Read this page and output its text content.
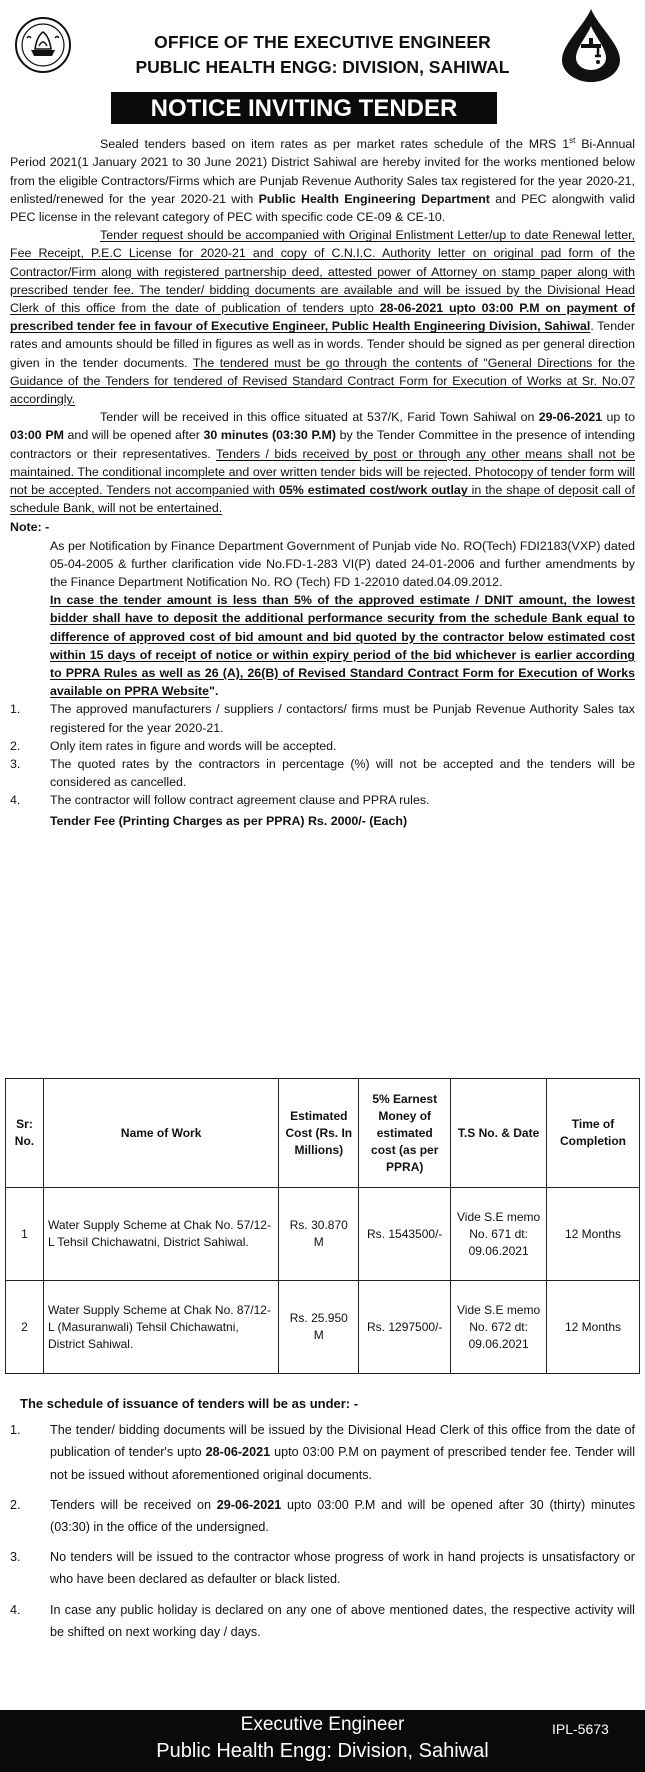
OFFICE OF THE EXECUTIVE ENGINEER
PUBLIC HEALTH ENGG: DIVISION, SAHIWAL
NOTICE INVITING TENDER

Sealed tenders based on item rates as per market rates schedule of the MRS 1st Bi-Annual Period 2021(1 January 2021 to 30 June 2021) District Sahiwal are hereby invited for the works mentioned below from the eligible Contractors/Firms which are Punjab Revenue Authority Sales tax registered for the year 2020-21, enlisted/renewed for the year 2020-21 with Public Health Engineering Department and PEC alongwith valid PEC license in the relevant category of PEC with specific code CE-09 & CE-10.

Tender request should be accompanied with Original Enlistment Letter/up to date Renewal letter, Fee Receipt, P.E.C License for 2020-21 and copy of C.N.I.C. Authority letter on original pad form of the Contractor/Firm along with registered partnership deed, attested power of Attorney on stamp paper along with prescribed tender fee. The tender/ bidding documents are available and will be issued by the Divisional Head Clerk of this office from the date of publication of tenders upto 28-06-2021 upto 03:00 P.M on payment of prescribed tender fee in favour of Executive Engineer, Public Health Engineering Division, Sahiwal. Tender rates and amounts should be filled in figures as well as in words. Tender should be signed as per general direction given in the tender documents. The tendered must be go through the contents of "General Directions for the Guidance of the Tenders for tendered of Revised Standard Contract Form for Execution of Works at Sr. No.07 accordingly.

Tender will be received in this office situated at 537/K, Farid Town Sahiwal on 29-06-2021 up to 03:00 PM and will be opened after 30 minutes (03:30 P.M) by the Tender Committee in the presence of intending contractors or their representatives. Tenders / bids received by post or through any other means shall not be maintained. The conditional incomplete and over written tender bids will be rejected. Photocopy of tender form will not be accepted. Tenders not accompanied with 05% estimated cost/work outlay in the shape of deposit call of schedule Bank, will not be entertained.

Note: -

As per Notification by Finance Department Government of Punjab vide No. RO(Tech) FDI2183(VXP) dated 05-04-2005 & further clarification vide No.FD-1-283 VI(P) dated 24-01-2006 and further amendments by the Finance Department Notification No. RO (Tech) FD 1-22010 dated.04.09.2012.

In case the tender amount is less than 5% of the approved estimate / DNIT amount, the lowest bidder shall have to deposit the additional performance security from the schedule Bank equal to difference of approved cost of bid amount and bid quoted by the contractor below estimated cost within 15 days of receipt of notice or within expiry period of the bid whichever is earlier according to PPRA Rules as well as 26 (A), 26(B) of Revised Standard Contract Form for Execution of Works available on PPRA Website".

1. The approved manufacturers / suppliers / contactors/ firms must be Punjab Revenue Authority Sales tax registered for the year 2020-21.
2. Only item rates in figure and words will be accepted.
3. The quoted rates by the contractors in percentage (%) will not be accepted and the tenders will be considered as cancelled.
4. The contractor will follow contract agreement clause and PPRA rules.
Tender Fee (Printing Charges as per PPRA) Rs. 2000/- (Each)
Sr: No.	Name of Work	Estimated Cost (Rs. In Millions)	5% Earnest Money of estimated cost (as per PPRA)	T.S No. & Date	Time of Completion
1	Water Supply Scheme at Chak No. 57/12-L Tehsil Chichawatni, District Sahiwal.	Rs. 30.870 M	Rs. 1543500/-	Vide S.E memo No. 671 dt: 09.06.2021	12 Months
2	Water Supply Scheme at Chak No. 87/12-L (Masuranwali) Tehsil Chichawatni, District Sahiwal.	Rs. 25.950 M	Rs. 1297500/-	Vide S.E memo No. 672 dt: 09.06.2021	12 Months
The schedule of issuance of tenders will be as under: -
1. The tender/ bidding documents will be issued by the Divisional Head Clerk of this office from the date of publication of tender's upto 28-06-2021 upto 03:00 P.M on payment of prescribed tender fee. Tender will not be issued without aforementioned original documents.
2. Tenders will be received on 29-06-2021 upto 03:00 P.M and will be opened after 30 (thirty) minutes (03:30) in the office of the undersigned.
3. No tenders will be issued to the contractor whose progress of work in hand projects is unsatisfactory or who have been declared as defaulter or black listed.
4. In case any public holiday is declared on any one of above mentioned dates, the respective activity will be shifted on next working day / days.
Executive Engineer
Public Health Engg: Division, Sahiwal
IPL-5673
